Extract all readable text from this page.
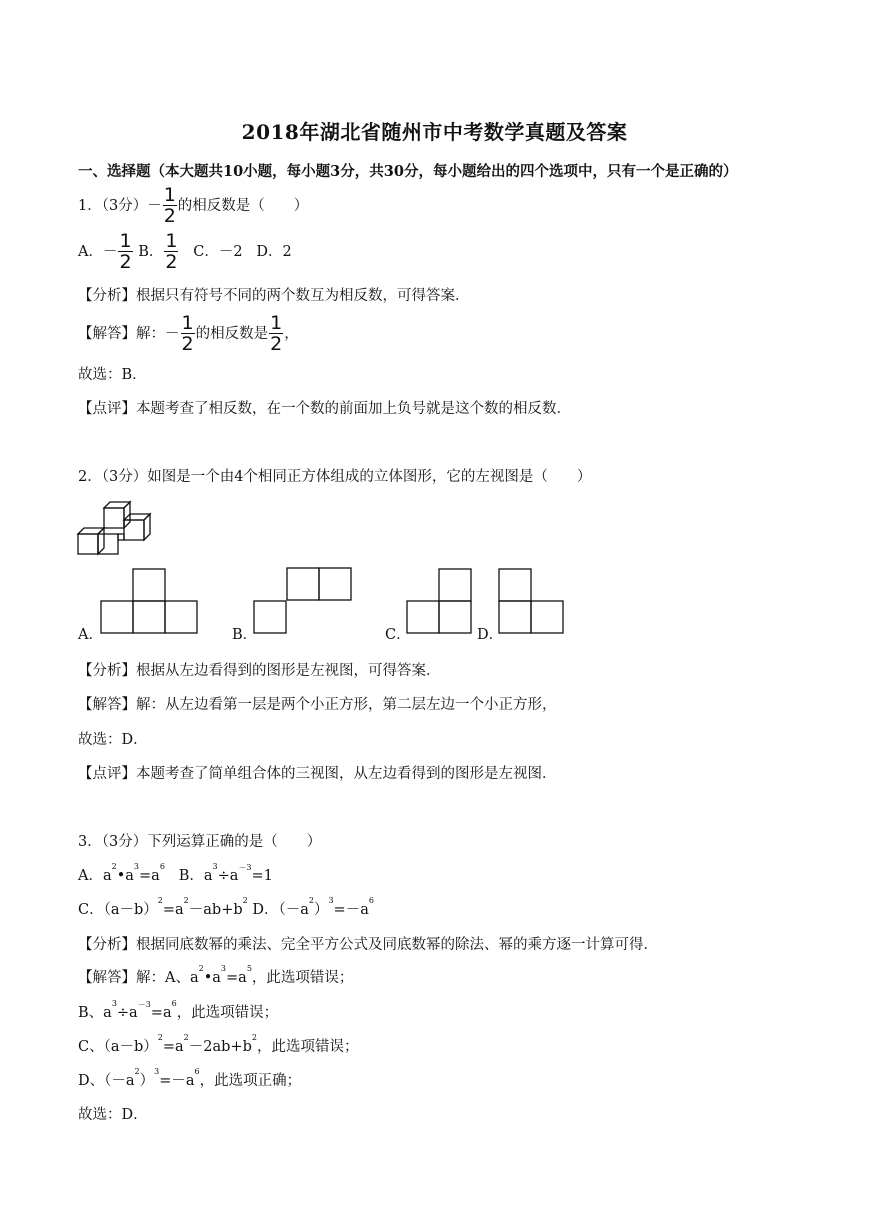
2018年湖北省随州市中考数学真题及答案
一、选择题（本大题共10小题，每小题3分，共30分，每小题给出的四个选项中，只有一个是正确的）
1．（3分）－ $\frac{1}{2}$ 的相反数是（　　）
A．－ $\frac{1}{2}$ B． $\frac{1}{2}$ C．－2 D．2
【分析】根据只有符号不同的两个数互为相反数，可得答案．
【解答】解：－ $\frac{1}{2}$ 的相反数是 $\frac{1}{2}$ ，
故选：B．
【点评】本题考查了相反数，在一个数的前面加上负号就是这个数的相反数．
2．（3分）如图是一个由4个相同正方体组成的立体图形，它的左视图是（　　）
A．	B．	C．	D．
【分析】根据从左边看得到的图形是左视图，可得答案．
【解答】解：从左边看第一层是两个小正方形，第二层左边一个小正方形，
故选：D．
【点评】本题考查了简单组合体的三视图，从左边看得到的图形是左视图．
3．（3分）下列运算正确的是（　　）
A．$a^2•a^3=a^6$   B．$a^3\div a^{-3}=1$
C．$(a-b)^2=a^2-ab+b^2$ D．$(-a^2)^3=-a^6$
【分析】根据同底数幂的乘法、完全平方公式及同底数幂的除法、幂的乘方逐一计算可得．
【解答】解：A、$a^2•a^3=a^5$，此选项错误；
B、$a^3\div a^{-3}=a^6$，此选项错误；
C、$(a-b)^2=a^2-2ab+b^2$，此选项错误；
D、$(-a^2)^3=-a^6$，此选项正确；
故选：D．
